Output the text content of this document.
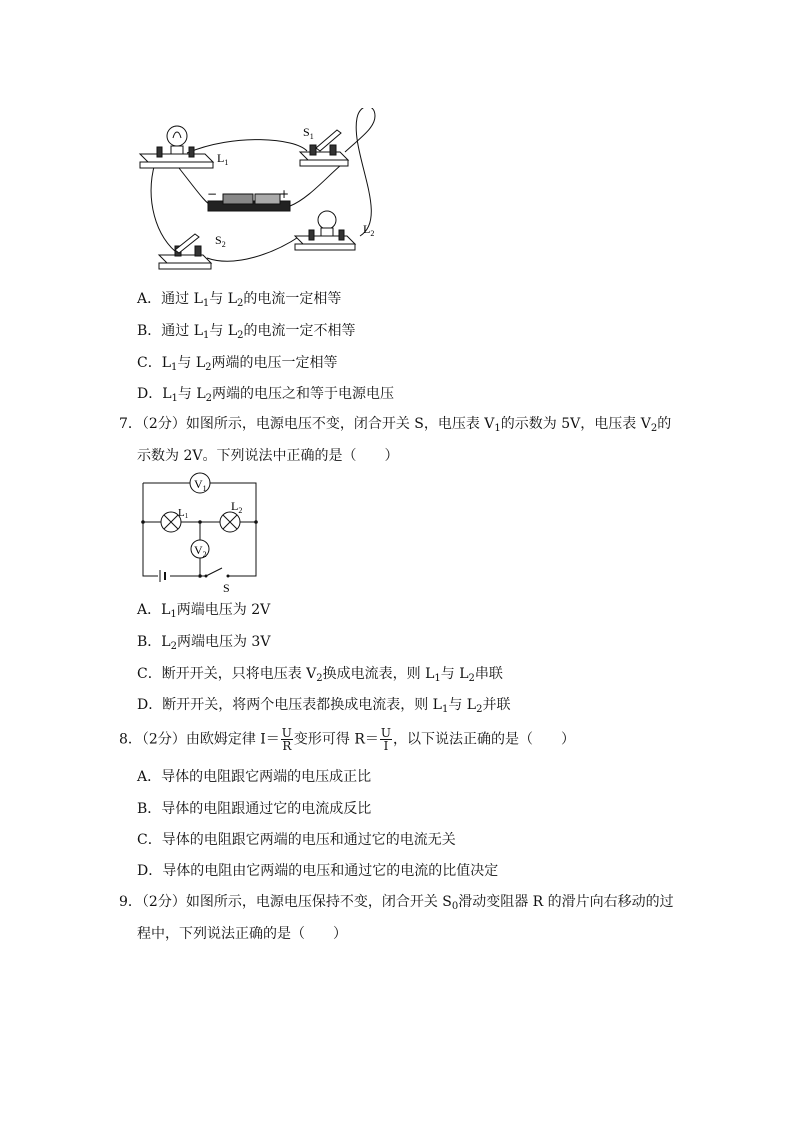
$L_1$
$S_1$
−	+
$S_2$
$L_2$
A．通过 $L_1$与 $L_2$的电流一定相等
B．通过 $L_1$与 $L_2$的电流一定不相等
C．$L_1$与 $L_2$两端的电压一定相等
D．$L_1$与 $L_2$两端的电压之和等于电源电压
7．（2分）如图所示，电源电压不变，闭合开关 S，电压表 $V_1$的示数为 5V，电压表 $V_2$的
示数为 2V。下列说法中正确的是（　　）
$V_1$
L1
$L_2$
$V_2$
S
A．$L_1$两端电压为 2V
B．$L_2$两端电压为 3V
C．断开开关，只将电压表 $V_2$换成电流表，则 $L_1$与 $L_2$串联
D．断开开关，将两个电压表都换成电流表，则 $L_1$与 $L_2$并联
8．（2分）由欧姆定律 $I= \frac{U}{R}$ 变形可得 $R= \frac{U}{I}$ ，以下说法正确的是（　　）
A．导体的电阻跟它两端的电压成正比
B．导体的电阻跟通过它的电流成反比
C．导体的电阻跟它两端的电压和通过它的电流无关
D．导体的电阻由它两端的电压和通过它的电流的比值决定
9．（2分）如图所示，电源电压保持不变，闭合开关 $S_0$滑动变阻器 R 的滑片向右移动的过
程中，下列说法正确的是（　　）
